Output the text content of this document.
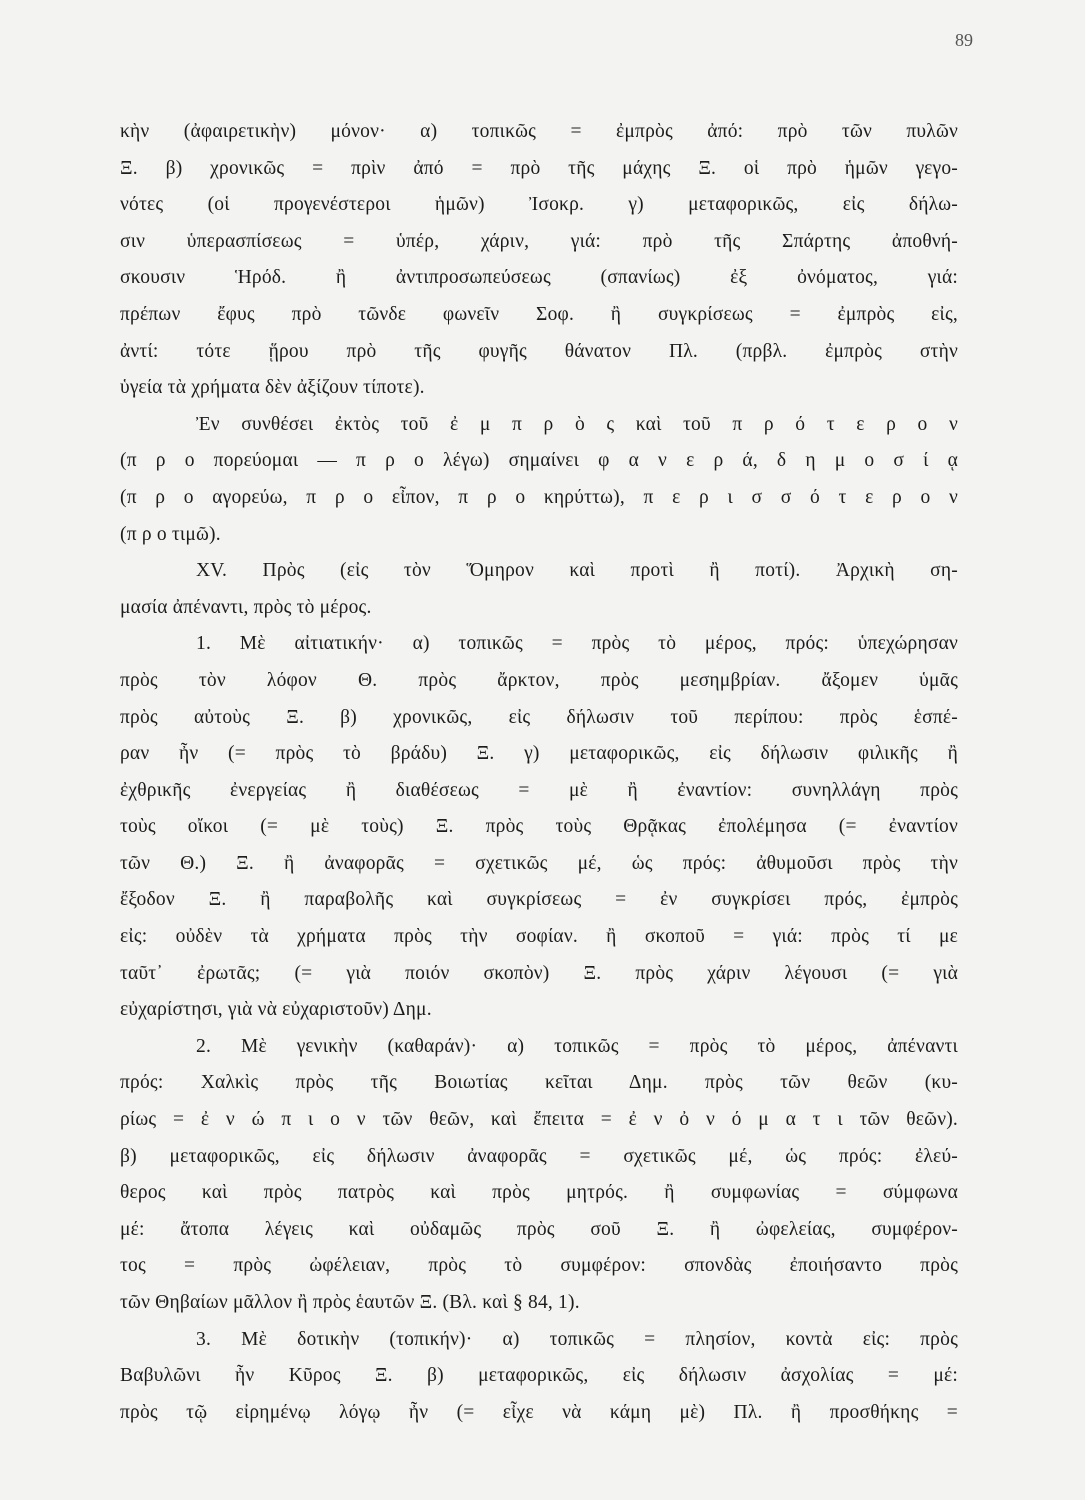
89
κὴν (ἀφαιρετικὴν) μόνον· α) τοπικῶς = ἐμπρὸς ἀπό: πρὸ τῶν πυλῶν
Ξ. β) χρονικῶς = πρὶν ἀπό = πρὸ τῆς μάχης Ξ. οἱ πρὸ ἡμῶν γεγο-
νότες (οἱ προγενέστεροι ἡμῶν) Ἰσοκρ. γ) μεταφορικῶς, εἰς δήλω-
σιν ὑπερασπίσεως = ὑπέρ, χάριν, γιά: πρὸ τῆς Σπάρτης ἀποθνή-
σκουσιν Ἡρόδ. ἢ ἀντιπροσωπεύσεως (σπανίως) ἐξ ὀνόματος, γιά:
πρέπων ἔφυς πρὸ τῶνδε φωνεῖν Σοφ. ἢ συγκρίσεως = ἐμπρὸς εἰς,
ἀντί: τότε ᾕρου πρὸ τῆς φυγῆς θάνατον Πλ. (πρβλ. ἐμπρὸς στὴν
ὑγεία τὰ χρήματα δὲν ἀξίζουν τίποτε).
Ἐν συνθέσει ἐκτὸς τοῦ ἐ μ π ρ ὸ ς καὶ τοῦ π ρ ό τ ε ρ ο ν
(π ρ ο πορεύομαι — π ρ ο λέγω) σημαίνει φ α ν ε ρ ά, δ η μ ο σ ί ᾳ
(π ρ ο αγορεύω, π ρ ο εἶπον, π ρ ο κηρύττω), π ε ρ ι σ σ ό τ ε ρ ο ν
(π ρ ο τιμῶ).
XV. Πρὸς (εἰς τὸν Ὅμηρον καὶ προτὶ ἢ ποτί). Ἀρχικὴ ση-
μασία ἀπέναντι, πρὸς τὸ μέρος.
1. Μὲ αἰτιατικήν· α) τοπικῶς = πρὸς τὸ μέρος, πρός: ὑπεχώρησαν
πρὸς τὸν λόφον Θ. πρὸς ἄρκτον, πρὸς μεσημβρίαν. ἄξομεν ὑμᾶς
πρὸς αὐτοὺς Ξ. β) χρονικῶς, εἰς δήλωσιν τοῦ περίπου: πρὸς ἑσπέ-
ραν ἦν (= πρὸς τὸ βράδυ) Ξ. γ) μεταφορικῶς, εἰς δήλωσιν φιλικῆς ἢ
ἐχθρικῆς ἐνεργείας ἢ διαθέσεως = μὲ ἢ ἐναντίον: συνηλλάγη πρὸς
τοὺς οἴκοι (= μὲ τοὺς) Ξ. πρὸς τοὺς Θρᾷκας ἐπολέμησα (= ἐναντίον
τῶν Θ.) Ξ. ἢ ἀναφορᾶς = σχετικῶς μέ, ὡς πρός: ἀθυμοῦσι πρὸς τὴν
ἔξοδον Ξ. ἢ παραβολῆς καὶ συγκρίσεως = ἐν συγκρίσει πρός, ἐμπρὸς
εἰς: οὐδὲν τὰ χρήματα πρὸς τὴν σοφίαν. ἢ σκοποῦ = γιά: πρὸς τί με
ταῦτ᾽ ἐρωτᾶς; (= γιὰ ποιόν σκοπὸν) Ξ. πρὸς χάριν λέγουσι (= γιὰ
εὐχαρίστησι, γιὰ νὰ εὐχαριστοῦν) Δημ.
2. Μὲ γενικὴν (καθαράν)· α) τοπικῶς = πρὸς τὸ μέρος, ἀπέναντι
πρός: Χαλκὶς πρὸς τῆς Βοιωτίας κεῖται Δημ. πρὸς τῶν θεῶν (κυ-
ρίως = ἐ ν ώ π ι ο ν τῶν θεῶν, καὶ ἔπειτα = ἐ ν ὀ ν ό μ α τ ι τῶν θεῶν).
β) μεταφορικῶς, εἰς δήλωσιν ἀναφορᾶς = σχετικῶς μέ, ὡς πρός: ἐλεύ-
θερος καὶ πρὸς πατρὸς καὶ πρὸς μητρός. ἢ συμφωνίας = σύμφωνα
μέ: ἄτοπα λέγεις καὶ οὐδαμῶς πρὸς σοῦ Ξ. ἢ ὠφελείας, συμφέρον-
τος = πρὸς ὠφέλειαν, πρὸς τὸ συμφέρον: σπονδὰς ἐποιήσαντο πρὸς
τῶν Θηβαίων μᾶλλον ἢ πρὸς ἑαυτῶν Ξ. (Βλ. καὶ § 84, 1).
3. Μὲ δοτικὴν (τοπικήν)· α) τοπικῶς = πλησίον, κοντὰ εἰς: πρὸς
Βαβυλῶνι ἦν Κῦρος Ξ. β) μεταφορικῶς, εἰς δήλωσιν ἀσχολίας = μέ:
πρὸς τῷ εἰρημένῳ λόγῳ ἦν (= εἶχε νὰ κάμη μὲ) Πλ. ἢ προσθήκης =
